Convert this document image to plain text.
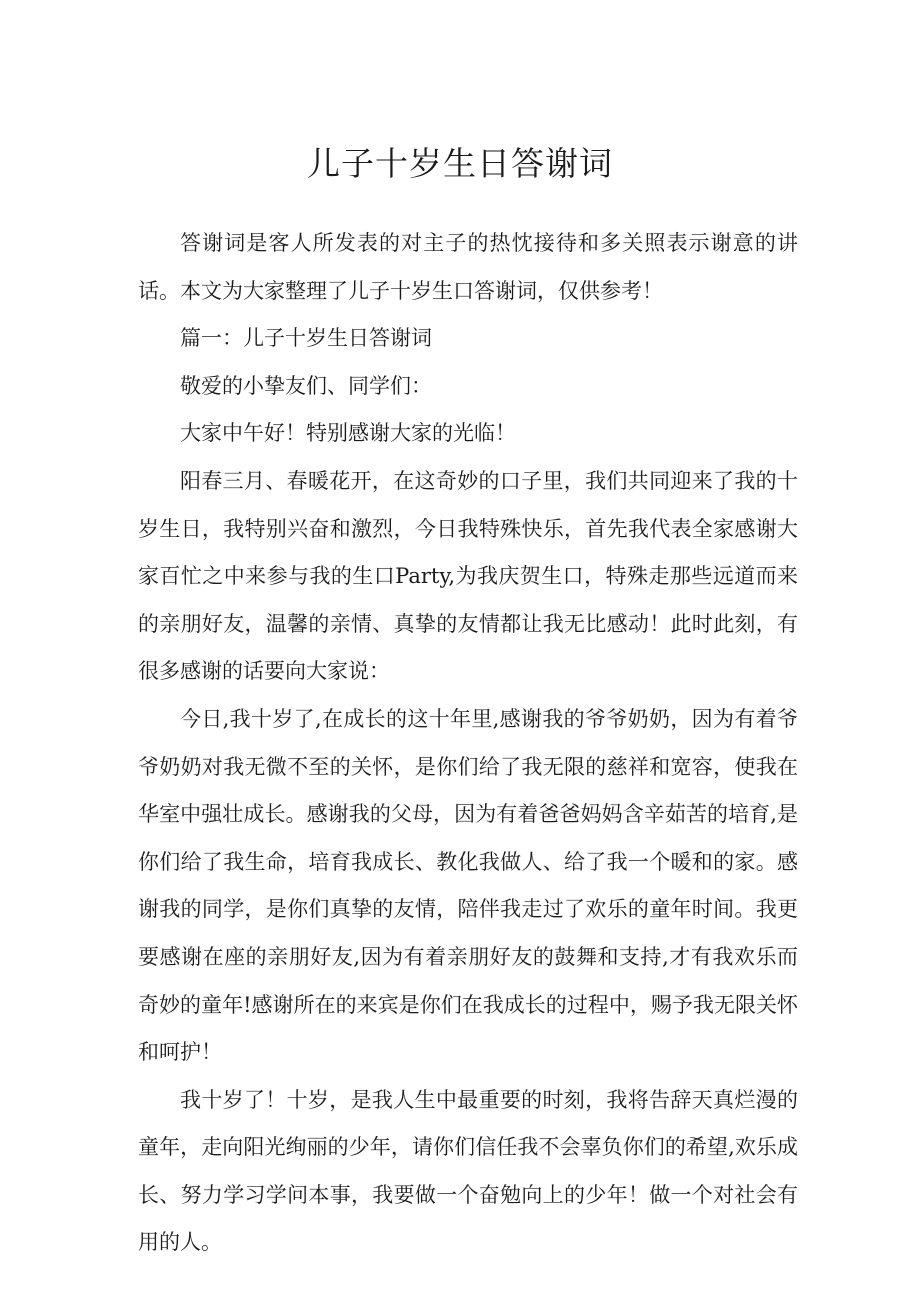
儿子十岁生日答谢词

答谢词是客人所发表的对主子的热忱接待和多关照表示谢意的讲话。本文为大家整理了儿子十岁生口答谢词，仅供参考！

篇一：儿子十岁生日答谢词

敬爱的小挚友们、同学们：

大家中午好！特别感谢大家的光临！

阳春三月、春暖花开，在这奇妙的口子里，我们共同迎来了我的十岁生日，我特别兴奋和激烈，今日我特殊快乐，首先我代表全家感谢大家百忙之中来参与我的生口Party,为我庆贺生口，特殊走那些远道而来的亲朋好友，温馨的亲情、真挚的友情都让我无比感动！此时此刻，有很多感谢的话要向大家说：

今日,我十岁了,在成长的这十年里,感谢我的爷爷奶奶，因为有着爷爷奶奶对我无微不至的关怀，是你们给了我无限的慈祥和宽容，使我在华室中强壮成长。感谢我的父母，因为有着爸爸妈妈含辛茹苦的培育,是你们给了我生命，培育我成长、教化我做人、给了我一个暖和的家。感谢我的同学，是你们真挚的友情，陪伴我走过了欢乐的童年时间。我更要感谢在座的亲朋好友,因为有着亲朋好友的鼓舞和支持,才有我欢乐而奇妙的童年!感谢所在的来宾是你们在我成长的过程中，赐予我无限关怀和呵护！

我十岁了！十岁，是我人生中最重要的时刻，我将告辞天真烂漫的童年，走向阳光绚丽的少年，请你们信任我不会辜负你们的希望,欢乐成长、努力学习学问本事，我要做一个奋勉向上的少年！做一个对社会有用的人。
